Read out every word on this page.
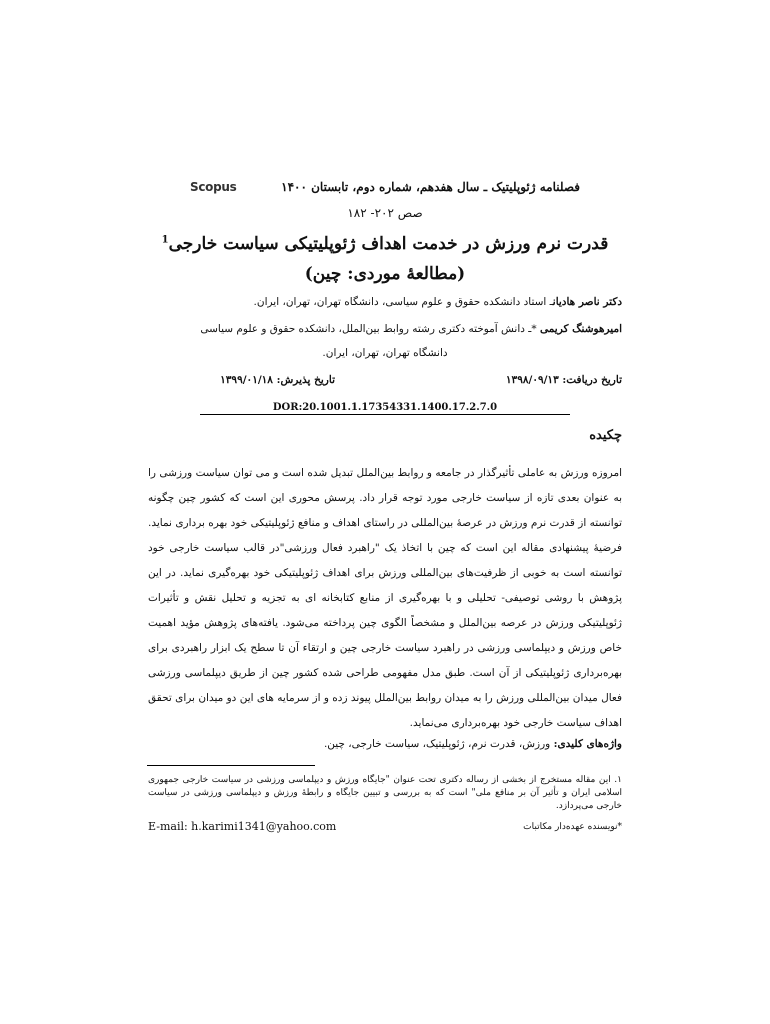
فصلنامه ژئوپلیتیک ـ سال هفدهم، شماره دوم، تابستان ۱۴۰۰
Scopus
صص ۲۰۲- ۱۸۲
قدرت نرم ورزش در خدمت اهداف ژئوپلیتیکی سیاست خارجی$^1$
(مطالعۀ موردی: چین)
دکتر ناصر هادیانـ استاد دانشکده حقوق و علوم سیاسی، دانشگاه تهران، تهران، ایران.
امیرهوشنگ کریمی *ـ دانش آموخته دکتری رشته روابط بین‌الملل، دانشکده حقوق و علوم سیاسی
دانشگاه تهران، تهران، ایران.
تاریخ دریافت: ۱۳۹۸/۰۹/۱۳
تاریخ پذیرش: ۱۳۹۹/۰۱/۱۸
DOR:20.1001.1.17354331.1400.17.2.7.0
چکیده
امروزه ورزش به عاملی تأثیرگذار در جامعه و روابط بین‌الملل تبدیل شده است و می توان سیاست ورزشی را به عنوان بعدی تازه از سیاست خارجی مورد توجه قرار داد. پرسش محوری این است که کشور چین چگونه توانسته از قدرت نرم ورزش در عرصۀ بین‌المللی در راستای اهداف و منافع ژئوپلیتیکی خود بهره برداری نماید. فرضیۀ پیشنهادی مقاله این است که چین با اتخاذ یک "راهبرد فعال ورزشی"در قالب سیاست خارجی خود توانسته است به خوبی از ظرفیت‌های بین‌المللی ورزش برای اهداف ژئوپلیتیکی خود بهره‌گیری نماید. در این پژوهش با روشی توصیفی- تحلیلی و با بهره‌گیری از منابع کتابخانه ای به تجزیه و تحلیل نقش و تأثیرات ژئوپلیتیکی ورزش در عرصه بین‌الملل و مشخصاً الگوی چین پرداخته می‌شود. یافته‌های پژوهش مؤید اهمیت خاص ورزش و دیپلماسی ورزشی در راهبرد سیاست خارجی چین و ارتقاء آن تا سطح یک ابزار راهبردی برای بهره‌برداری ژئوپلیتیکی از آن است. طبق مدل مفهومی طراحی شده کشور چین از طریق دیپلماسی ورزشی فعال میدان بین‌المللی ورزش را به میدان روابط بین‌الملل پیوند زده و از سرمایه های این دو میدان برای تحقق اهداف سیاست خارجی خود بهره‌برداری می‌نماید.
واژه‌های کلیدی: ورزش، قدرت نرم، ژئوپلیتیک، سیاست خارجی، چین.
۱. این مقاله مستخرج از بخشی از رساله دکتری تحت عنوان "جایگاه ورزش و دیپلماسی ورزشی در سیاست خارجی جمهوری اسلامی ایران و تأثیر آن بر منافع ملی" است که به بررسی و تبیین جایگاه و رابطۀ ورزش و دیپلماسی ورزشی در سیاست خارجی می‌پردازد.
*نویسنده عهده‌دار مکاتبات
E-mail: h.karimi1341@yahoo.com
